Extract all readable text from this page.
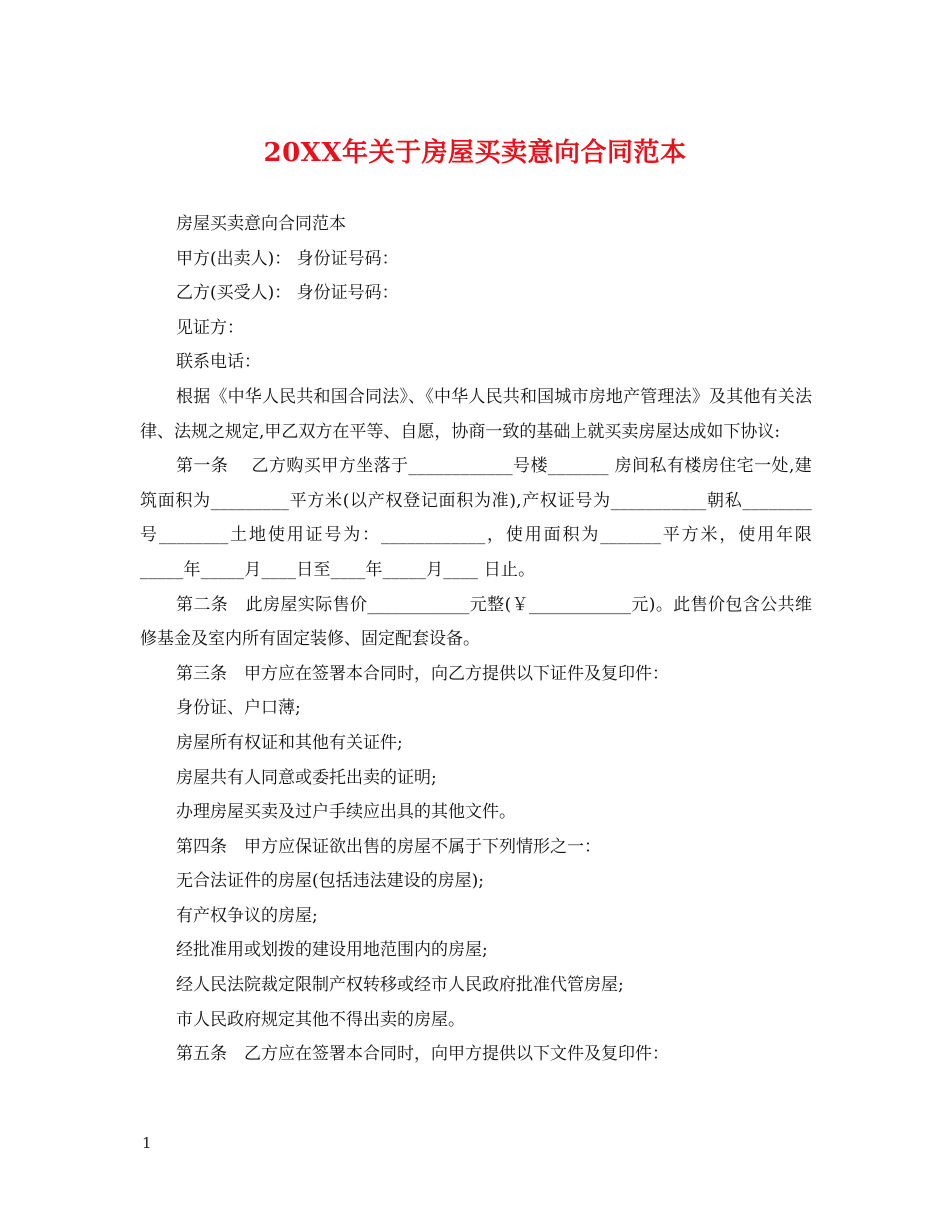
20XX年关于房屋买卖意向合同范本

房屋买卖意向合同范本

甲方(出卖人)： 身份证号码：

乙方(买受人)： 身份证号码：

见证方：

联系电话：

根据《中华人民共和国合同法》、《中华人民共和国城市房地产管理法》及其他有关法律、法规之规定,甲乙双方在平等、自愿，协商一致的基础上就买卖房屋达成如下协议:

第一条　 乙方购买甲方坐落于____________号楼_______ 房间私有楼房住宅一处,建筑面积为_________平方米(以产权登记面积为准),产权证号为___________朝私________号________土地使用证号为：____________，使用面积为_______平方米，使用年限_____年_____月____日至____年_____月____ 日止。

第二条　此房屋实际售价____________元整(￥____________元)。此售价包含公共维修基金及室内所有固定装修、固定配套设备。

第三条　甲方应在签署本合同时，向乙方提供以下证件及复印件：

身份证、户口薄;

房屋所有权证和其他有关证件;

房屋共有人同意或委托出卖的证明;

办理房屋买卖及过户手续应出具的其他文件。

第四条　甲方应保证欲出售的房屋不属于下列情形之一：

无合法证件的房屋(包括违法建设的房屋);

有产权争议的房屋;

经批准用或划拨的建设用地范围内的房屋;

经人民法院裁定限制产权转移或经市人民政府批准代管房屋;

市人民政府规定其他不得出卖的房屋。

第五条　乙方应在签署本合同时，向甲方提供以下文件及复印件：

1
